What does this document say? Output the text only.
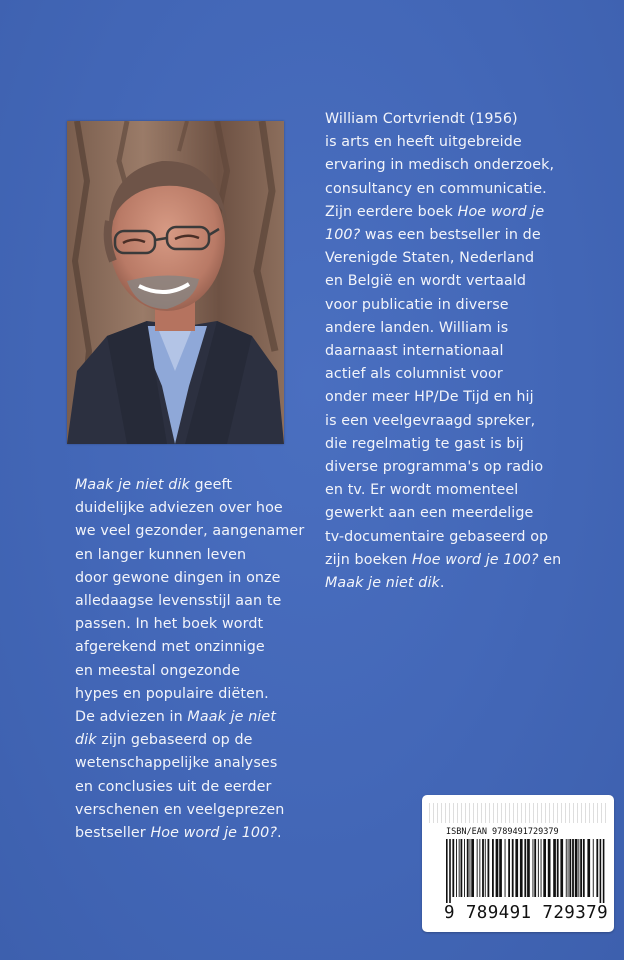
William Cortvriendt (1956)
is arts en heeft uitgebreide
ervaring in medisch onderzoek,
consultancy en communicatie.
Zijn eerdere boek Hoe word je
100? was een bestseller in de
Verenigde Staten, Nederland
en België en wordt vertaald
voor publicatie in diverse
andere landen. William is
daarnaast internationaal
actief als columnist voor
onder meer HP/De Tijd en hij
is een veelgevraagd spreker,
die regelmatig te gast is bij
diverse programma's op radio
en tv. Er wordt momenteel
gewerkt aan een meerdelige
tv-documentaire gebaseerd op
zijn boeken Hoe word je 100? en
Maak je niet dik.
Maak je niet dik geeft
duidelijke adviezen over hoe
we veel gezonder, aangenamer
en langer kunnen leven
door gewone dingen in onze
alledaagse levensstijl aan te
passen. In het boek wordt
afgerekend met onzinnige
en meestal ongezonde
hypes en populaire diëten.
De adviezen in Maak je niet
dik zijn gebaseerd op de
wetenschappelijke analyses
en conclusies uit de eerder
verschenen en veelgeprezen
bestseller Hoe word je 100?.	ISBN/EAN 9789491729379
9 789491 729379
